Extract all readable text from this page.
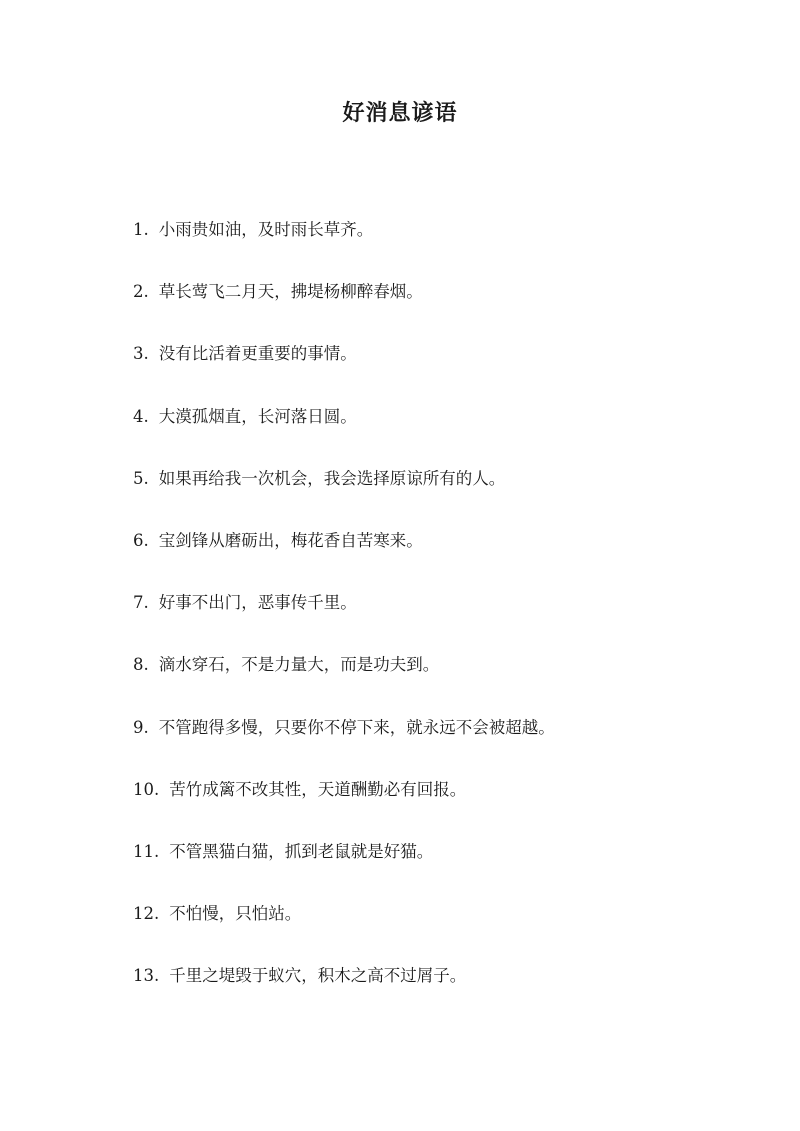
好消息谚语
1. 小雨贵如油，及时雨长草齐。
2. 草长莺飞二月天，拂堤杨柳醉春烟。
3. 没有比活着更重要的事情。
4. 大漠孤烟直，长河落日圆。
5. 如果再给我一次机会，我会选择原谅所有的人。
6. 宝剑锋从磨砺出，梅花香自苦寒来。
7. 好事不出门，恶事传千里。
8. 滴水穿石，不是力量大，而是功夫到。
9. 不管跑得多慢，只要你不停下来，就永远不会被超越。
10. 苦竹成篱不改其性，天道酬勤必有回报。
11. 不管黑猫白猫，抓到老鼠就是好猫。
12. 不怕慢，只怕站。
13. 千里之堤毁于蚁穴，积木之高不过屑子。
